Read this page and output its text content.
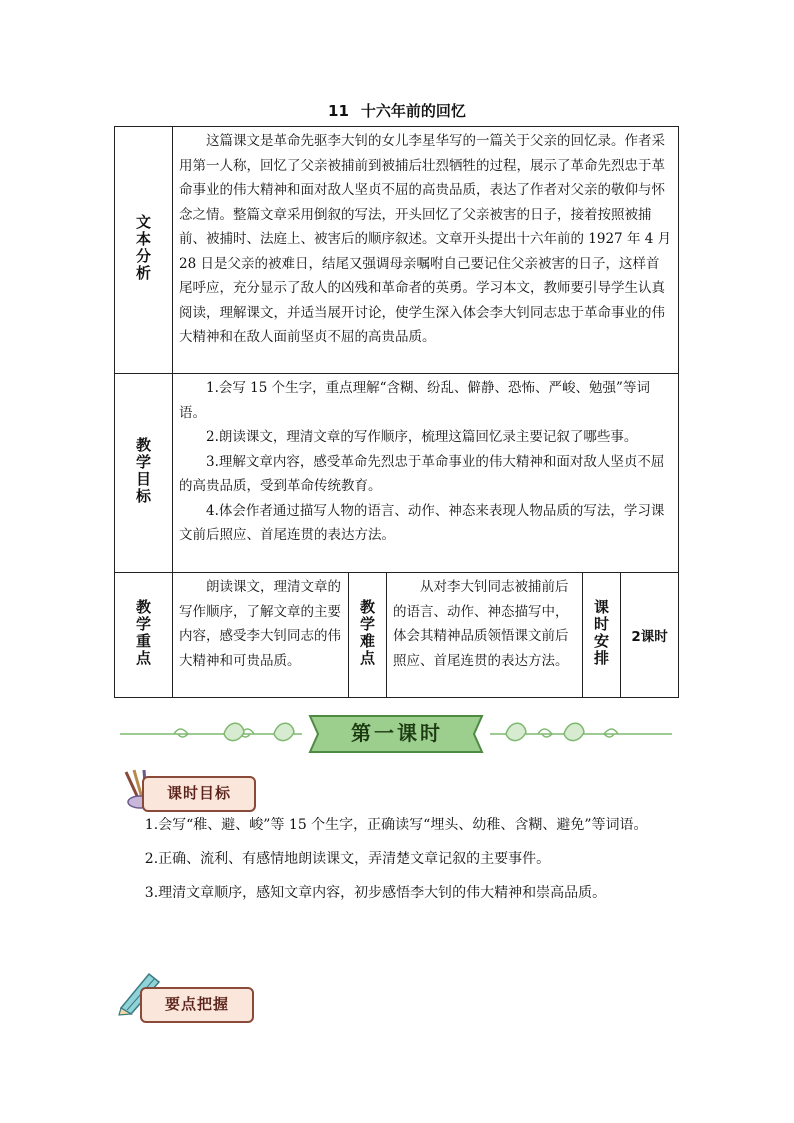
11 十六年前的回忆
文本分析	这篇课文是革命先驱李大钊的女儿李星华写的一篇关于父亲的回忆录。作者采用第一人称，回忆了父亲被捕前到被捕后壮烈牺牲的过程，展示了革命先烈忠于革命事业的伟大精神和面对敌人坚贞不屈的高贵品质，表达了作者对父亲的敬仰与怀念之情。整篇文章采用倒叙的写法，开头回忆了父亲被害的日子，接着按照被捕前、被捕时、法庭上、被害后的顺序叙述。文章开头提出十六年前的 1927 年 4 月 28 日是父亲的被难日，结尾又强调母亲嘱咐自己要记住父亲被害的日子，这样首尾呼应，充分显示了敌人的凶残和革命者的英勇。学习本文，教师要引导学生认真阅读，理解课文，并适当展开讨论，使学生深入体会李大钊同志忠于革命事业的伟大精神和在敌人面前坚贞不屈的高贵品质。				

教学目标	1.会写 15 个生字，重点理解“含糊、纷乱、僻静、恐怖、严峻、勉强”等词语。

2.朗读课文，理清文章的写作顺序，梳理这篇回忆录主要记叙了哪些事。

3.理解文章内容，感受革命先烈忠于革命事业的伟大精神和面对敌人坚贞不屈的高贵品质，受到革命传统教育。

4.体会作者通过描写人物的语言、动作、神态来表现人物品质的写法，学习课文前后照应、首尾连贯的表达方法。				

教学重点	朗读课文，理清文章的写作顺序，了解文章的主要内容，感受李大钊同志的伟大精神和可贵品质。	教学难点	从对李大钊同志被捕前后的语言、动作、神态描写中，体会其精神品质领悟课文前后照应、首尾连贯的表达方法。	课时安排	2课时
第一课时
课时目标

1.会写“稚、避、峻”等 15 个生字，正确读写“埋头、幼稚、含糊、避免”等词语。

2.正确、流利、有感情地朗读课文，弄清楚文章记叙的主要事件。

3.理清文章顺序，感知文章内容，初步感悟李大钊的伟大精神和崇高品质。

要点把握
